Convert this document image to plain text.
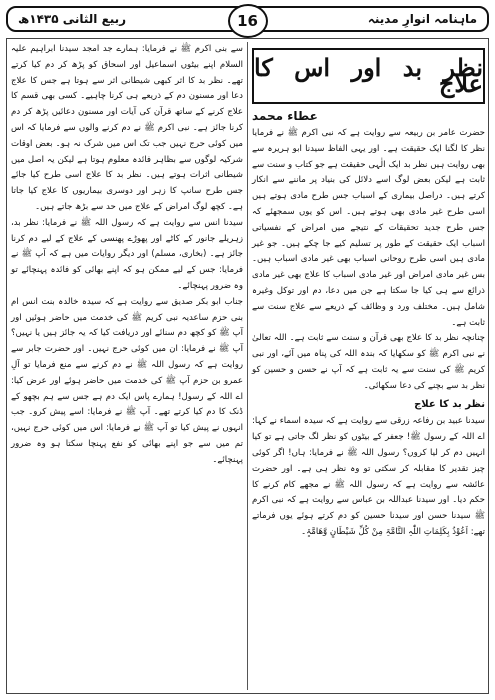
ماہنامہ انوارِ مدینہ
ربیع الثانی ۱۴۳۵ھ	16
نظر بد اور اس کا علاج
عطاء محمد

حضرت عامر بن ربیعہ سے روایت ہے کہ نبی اکرم ﷺ نے فرمایا نظر کا لگنا ایک حقیقت ہے۔ اور یہی الفاظ سیدنا ابو ہریرہ سے بھی روایت ہیں نظر بد ایک الٰہی حقیقت ہے جو کتاب و سنت سے ثابت ہے لیکن بعض لوگ اسے دلائل کی بنیاد پر ماننے سے انکار کرتے ہیں۔ دراصل بیماری کے اسباب جس طرح مادی ہوتے ہیں اسی طرح غیر مادی بھی ہوتے ہیں۔ اس کو یوں سمجھئے کہ جس طرح جدید تحقیقات کے نتیجے میں امراض کے نفسیاتی اسباب ایک حقیقت کے طور پر تسلیم کیے جا چکے ہیں۔ جو غیر مادی ہیں اسی طرح روحانی اسباب بھی غیر مادی اسباب ہیں۔ بس غیر مادی امراض اور غیر مادی اسباب کا علاج بھی غیر مادی ذرائع سے ہی کیا جا سکتا ہے جن میں دعا، دم اور توکل وغیرہ شامل ہیں۔ مختلف ورد و وظائف کے ذریعے سے علاج سنت سے ثابت ہے۔

چنانچہ نظر بد کا علاج بھی قرآن و سنت سے ثابت ہے۔ اللہ تعالیٰ نے نبی اکرم ﷺ کو سکھایا کہ بندہ اللہ کی پناہ میں آئے، اور نبی کریم ﷺ کی سنت سے یہ ثابت ہے کہ آپ نے حسن و حسین کو نظر بد سے بچنے کی دعا سکھائی۔

نظر بد کا علاج

سیدنا عبید بن رفاعہ زرقی سے روایت ہے کہ سیدہ اسماء نے کہا: اے اللہ کے رسول ﷺ! جعفر کے بیٹوں کو نظر لگ جاتی ہے تو کیا انہیں دم کر لیا کروں؟ رسول اللہ ﷺ نے فرمایا: ہاں! اگر کوئی چیز تقدیر کا مقابلہ کر سکتی تو وہ نظر ہی ہے۔ اور حضرت عائشہ سے روایت ہے کہ رسول اللہ ﷺ نے مجھے کام کرنے کا حکم دیا۔ اور سیدنا عبداللہ بن عباس سے روایت ہے کہ نبی اکرم ﷺ سیدنا حسن اور سیدنا حسین کو دم کرتے ہوئے یوں فرماتے تھے: اَعُوْذُ بِکَلِمَاتِ اللّٰہِ التَّامَّۃِ مِنْ کُلِّ شَیْطَانٍ وَّھَامَّۃٍ۔

سے بنی اکرم ﷺ نے فرمایا: ہمارے جد امجد سیدنا ابراہیم علیہ السلام اپنے بیٹوں اسماعیل اور اسحاق کو پڑھ کر دم کیا کرتے تھے۔ نظر بد کا اثر کبھی شیطانی اثر سے ہوتا ہے جس کا علاج دعا اور مسنون دم کے ذریعے ہی کرنا چاہیے۔ کسی بھی قسم کا علاج کرنے کے ساتھ قرآن کی آیات اور مسنون دعائیں پڑھ کر دم کرنا جائز ہے۔ نبی اکرم ﷺ نے دم کرنے والوں سے فرمایا کہ اس میں کوئی حرج نہیں جب تک اس میں شرک نہ ہو۔ بعض اوقات شرکیہ لوگوں سے بظاہر فائدہ معلوم ہوتا ہے لیکن یہ اصل میں شیطانی اثرات ہوتے ہیں۔ نظر بد کا علاج اسی طرح کیا جائے جس طرح سانپ کا زہر اور دوسری بیماریوں کا علاج کیا جاتا ہے۔ کچھ لوگ امراض کے علاج میں حد سے بڑھ جاتے ہیں۔

سیدنا انس سے روایت ہے کہ رسول اللہ ﷺ نے فرمایا: نظر بد، زہریلے جانور کے کاٹے اور پھوڑے پھنسی کے علاج کے لیے دم کرنا جائز ہے۔ (بخاری، مسلم) اور دیگر روایات میں ہے کہ آپ ﷺ نے فرمایا: جس کے لیے ممکن ہو کہ اپنے بھائی کو فائدہ پہنچائے تو وہ ضرور پہنچائے۔

جناب ابو بکر صدیق سے روایت ہے کہ سیدہ خالدہ بنت انس ام بنی حزم ساعدیہ نبی کریم ﷺ کی خدمت میں حاضر ہوئیں اور آپ ﷺ کو کچھ دم سنائے اور دریافت کیا کہ یہ جائز ہیں یا نہیں؟ آپ ﷺ نے فرمایا: ان میں کوئی حرج نہیں۔ اور حضرت جابر سے روایت ہے کہ رسول اللہ ﷺ نے دم کرنے سے منع فرمایا تو آلِ عمرو بن حزم آپ ﷺ کی خدمت میں حاضر ہوئے اور عرض کیا: اے اللہ کے رسول! ہمارے پاس ایک دم ہے جس سے ہم بچھو کے ڈنک کا دم کیا کرتے تھے۔ آپ ﷺ نے فرمایا: اسے پیش کرو۔ جب انہوں نے پیش کیا تو آپ ﷺ نے فرمایا: اس میں کوئی حرج نہیں، تم میں سے جو اپنے بھائی کو نفع پہنچا سکتا ہو وہ ضرور پہنچائے۔
